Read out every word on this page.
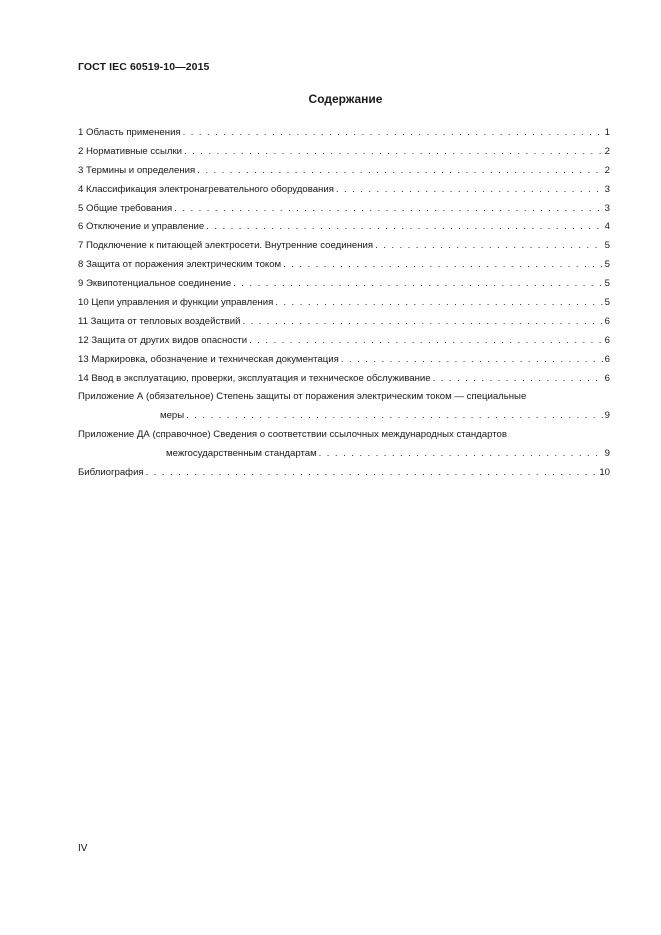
ГОСТ IEC 60519-10—2015
Содержание
1 Область применения . . .	1
2 Нормативные ссылки . . .	2
3 Термины и определения . . .	2
4 Классификация электронагревательного оборудования . . .	3
5 Общие требования . . .	3
6 Отключение и управление . . .	4
7 Подключение к питающей электросети. Внутренние соединения . . .	5
8 Защита от поражения электрическим током . . .	5
9 Эквипотенциальное соединение . . .	5
10 Цепи управления и функции управления . . .	5
11 Защита от тепловых воздействий . . .	6
12 Защита от других видов опасности . . .	6
13 Маркировка, обозначение и техническая документация . . .	6
14 Ввод в эксплуатацию, проверки, эксплуатация и техническое обслуживание . . .	6
Приложение А (обязательное) Степень защиты от поражения электрическим током — специальные
меры . . .	9
Приложение ДА (справочное) Сведения о соответствии ссылочных международных стандартов
межгосударственным стандартам . . .	9
Библиография . . .	10
IV
